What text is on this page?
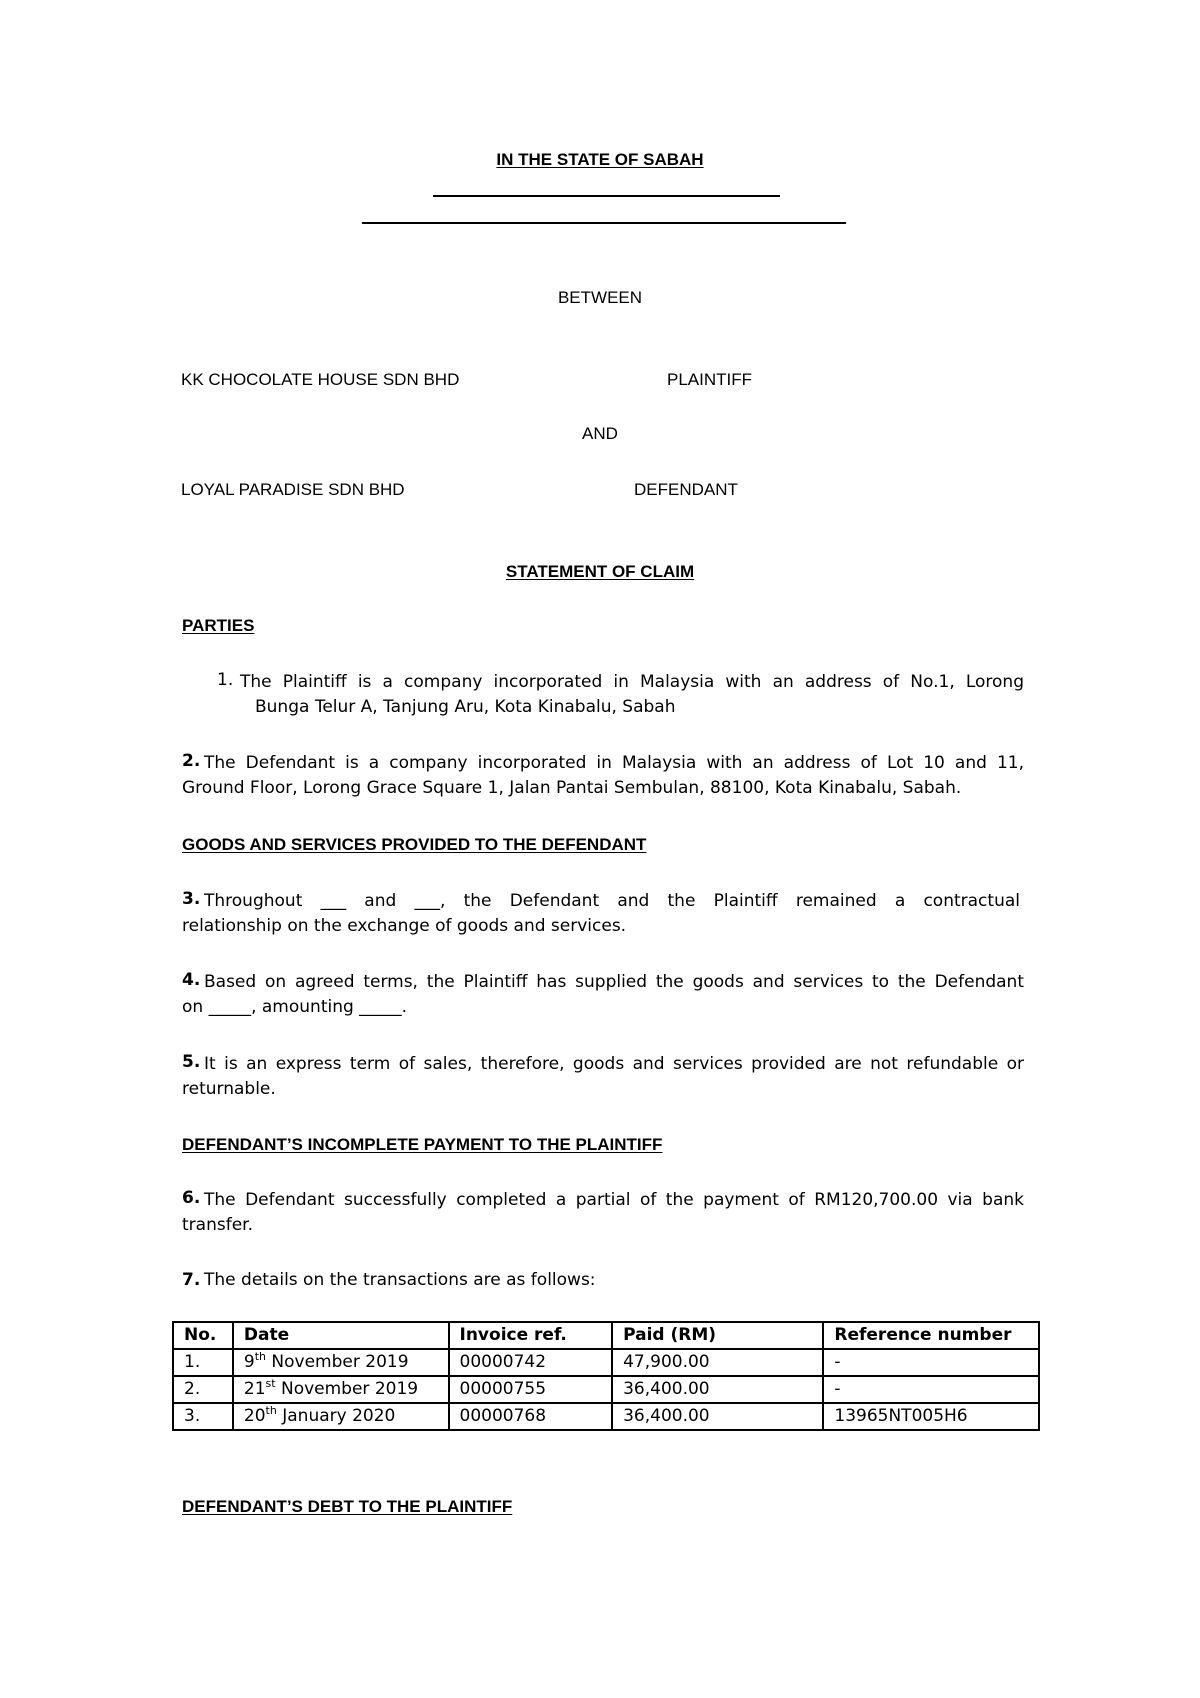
IN THE STATE OF SABAH
BETWEEN
KK CHOCOLATE HOUSE SDN BHD	PLAINTIFF
AND
LOYAL PARADISE SDN BHD	DEFENDANT
STATEMENT OF CLAIM
PARTIES
1. The Plaintiff is a company incorporated in Malaysia with an address of No.1, Lorong
Bunga Telur A, Tanjung Aru, Kota Kinabalu, Sabah
2. The Defendant is a company incorporated in Malaysia with an address of Lot 10 and 11,
Ground Floor, Lorong Grace Square 1, Jalan Pantai Sembulan, 88100, Kota Kinabalu, Sabah.
GOODS AND SERVICES PROVIDED TO THE DEFENDANT
3. Throughout ___ and ___, the Defendant and the Plaintiff remained a contractual
relationship on the exchange of goods and services.
4. Based on agreed terms, the Plaintiff has supplied the goods and services to the Defendant
on _____, amounting _____.
5. It is an express term of sales, therefore, goods and services provided are not refundable or
returnable.
DEFENDANT’S INCOMPLETE PAYMENT TO THE PLAINTIFF
6. The Defendant successfully completed a partial of the payment of RM120,700.00 via bank
transfer.
7. The details on the transactions are as follows:
No.	Date	Invoice ref.	Paid (RM)	Reference number
1.	9th November 2019	00000742	47,900.00	-
2.	21st November 2019	00000755	36,400.00	-
3.	20th January 2020	00000768	36,400.00	13965NT005H6
DEFENDANT’S DEBT TO THE PLAINTIFF
